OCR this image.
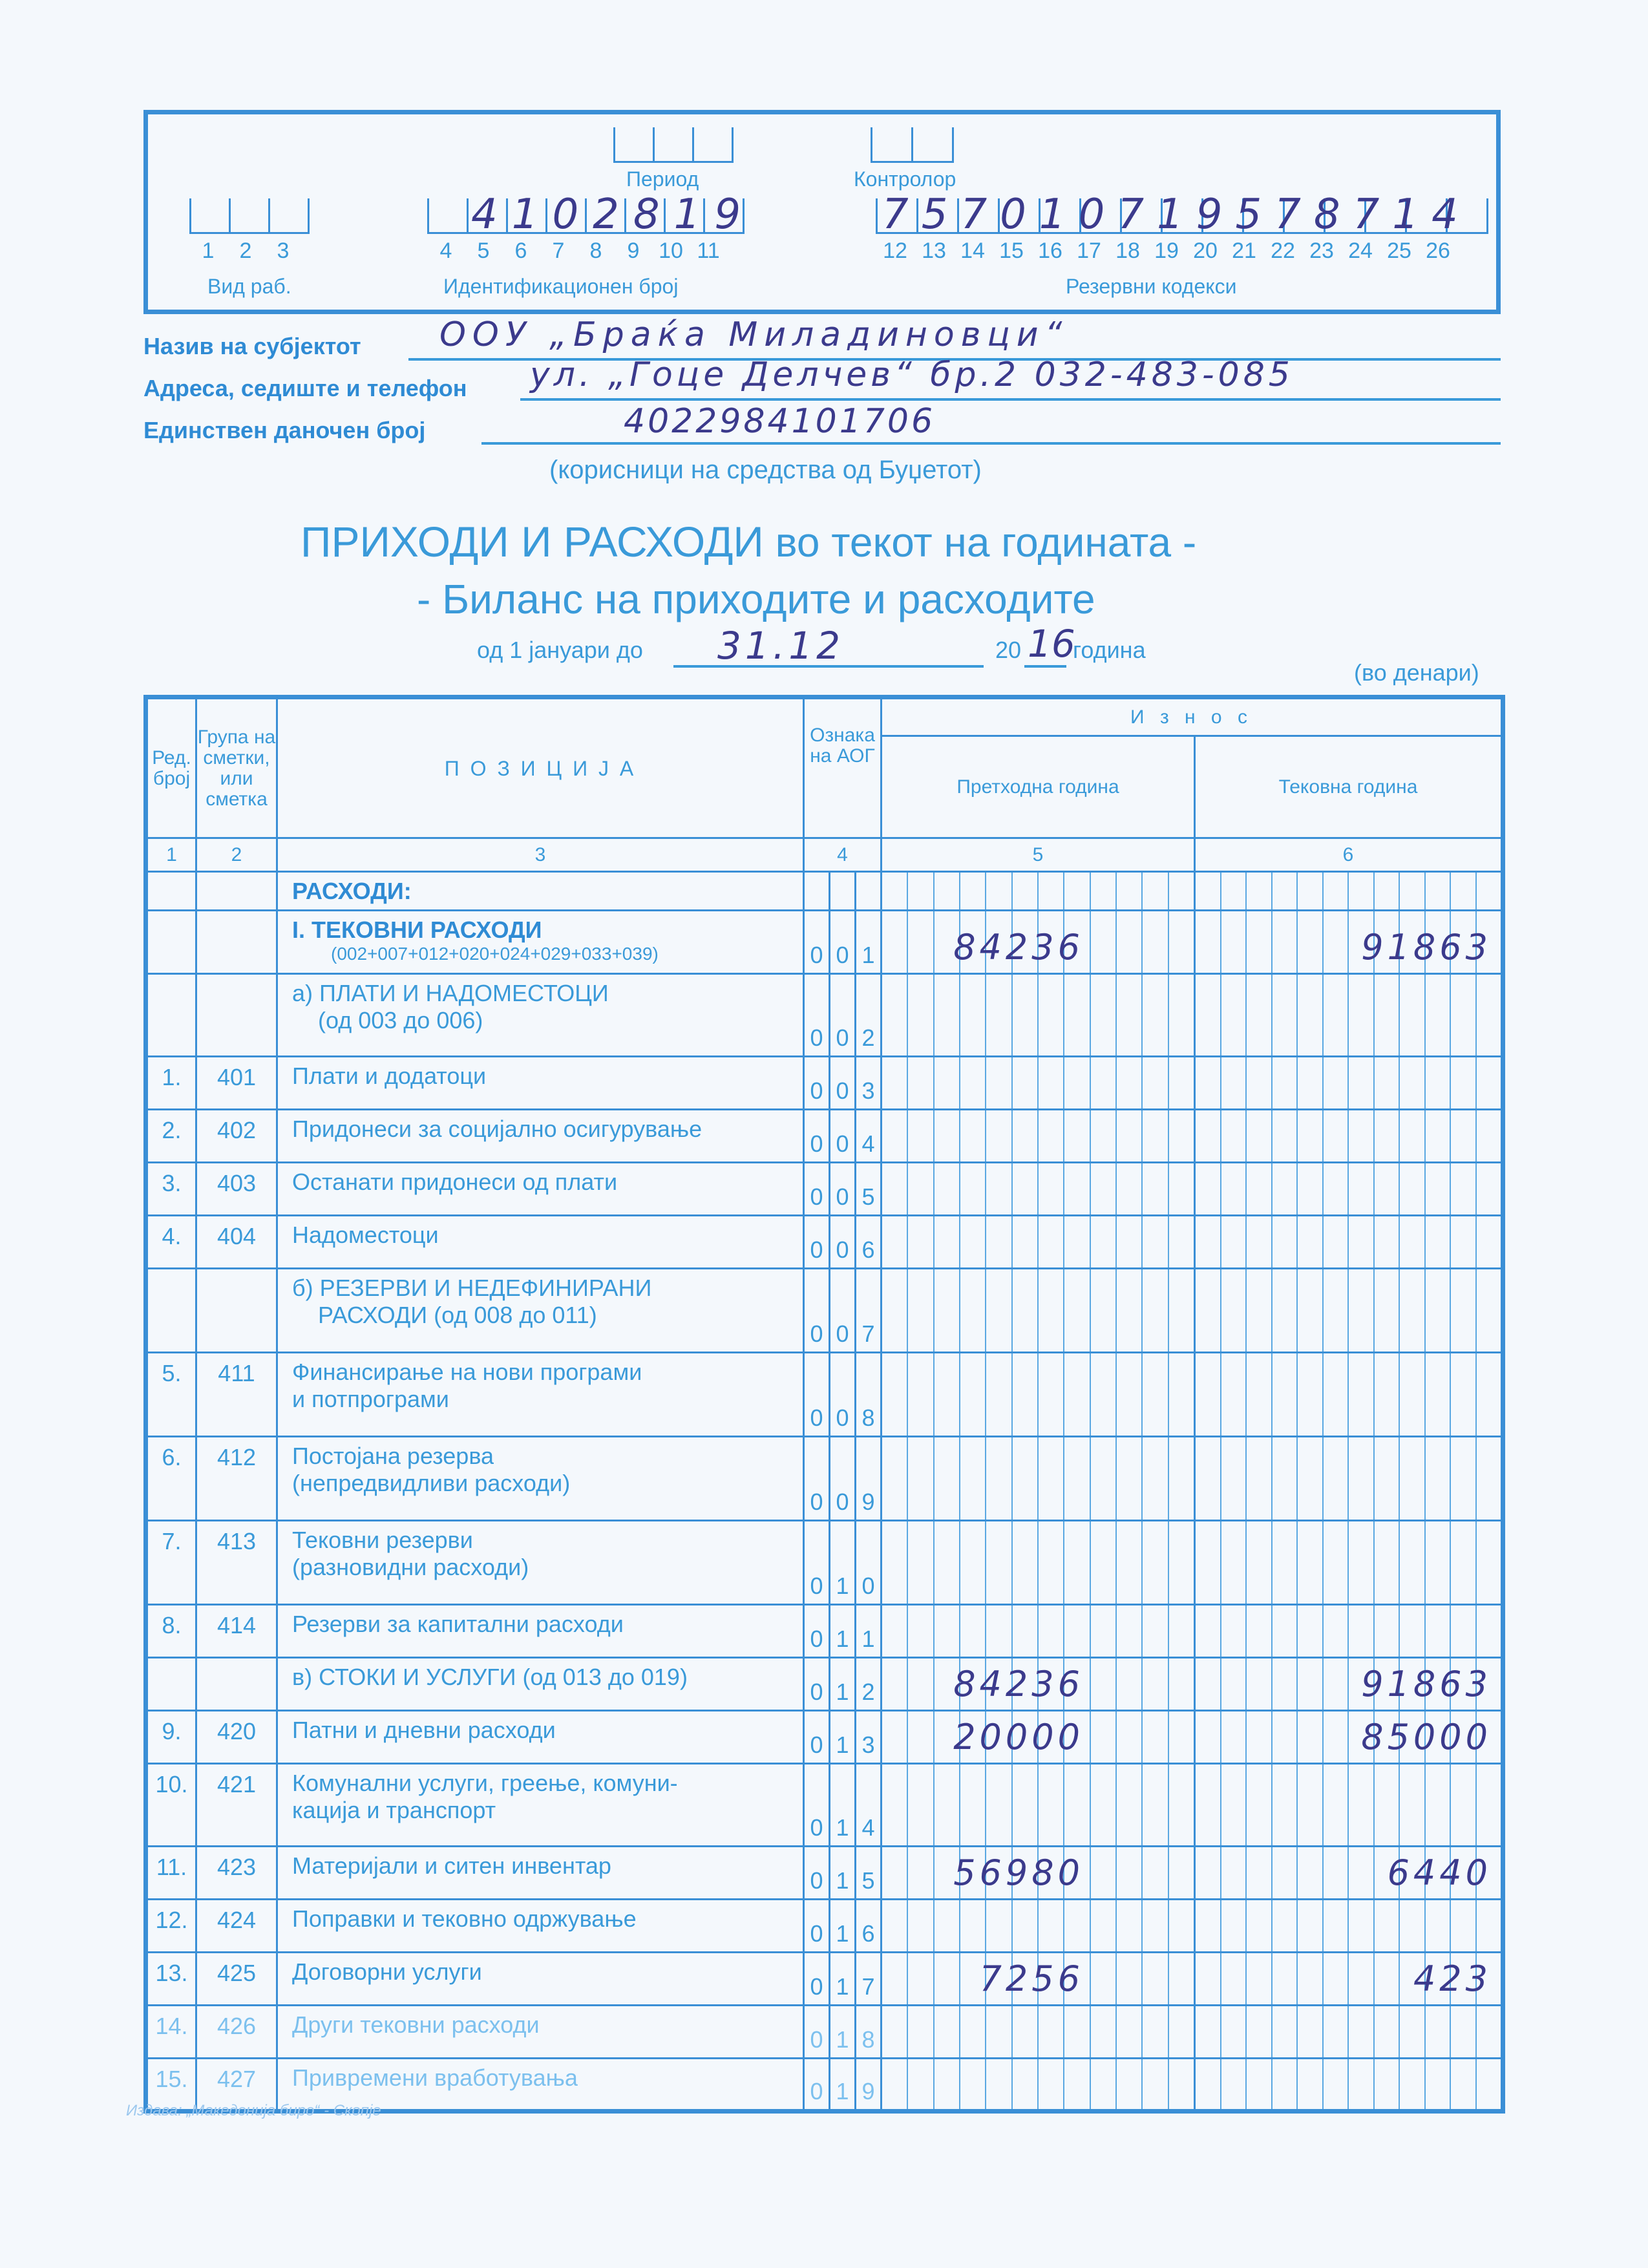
Период	Контролор
1	2	3
Вид раб.
4102819
4	5	6	7	8	9 10 11
Идентификационен број
757010719578714
12 13 14 15 16 17 18 19 20 21 22 23 24 25 26
Резервни кодекси
Назив на субјектот ООУ „Браќа Миладиновци“
Адреса, седиште и телефон ул. „Гоце Делчев“ бр.2 032-483-085
Единствен даночен број	4022984101706
(корисници на средства од Буџетот)
ПРИХОДИ И РАСХОДИ во текот на годината -
- Биланс на приходите и расходите
од 1 јануари до 31.12	20 16
година
(во денари)
Ред. број	Група на сметки, или сметка	П О З И Ц И Ј А	Ознака на АОГ			И з н о с	
						Претходна година	Тековна година
1	2	3	4			5	6
		РАСХОДИ:				

		I. ТЕКОВНИ РАСХОДИ
(002+007+012+020+024+029+033+039)	0	0	1	84236	91863

		а) ПЛАТИ И НАДОМЕСТОЦИ
(од 003 до 006)	0	0	2	

1.	401	Плати и додатоци	0	0	3	

2.	402	Придонеси за социјално осигурување	0	0	4	

3.	403	Останати придонеси од плати	0	0	5	

4.	404	Надоместоци	0	0	6	

		б) РЕЗЕРВИ И НЕДЕФИНИРАНИ
РАСХОДИ (од 008 до 011)	0	0	7	

5.	411	Финансирање на нови програми
и потпрограми	0	0	8	

6.	412	Постојана резерва
(непредвидливи расходи)	0	0	9	

7.	413	Тековни резерви
(разновидни расходи)	0	1	0	

8.	414	Резерви за капитални расходи	0	1	1	

		в) СТОКИ И УСЛУГИ (од 013 до 019)	0	1	2	84236	91863

9.	420	Патни и дневни расходи	0	1	3	20000	85000

10.	421	Комунални услуги, греење, комуни-
кација и транспорт	0	1	4	

11.	423	Материјали и ситен инвентар	0	1	5	56980	6440

12.	424	Поправки и тековно одржување	0	1	6	

13.	425	Договорни услуги	0	1	7	7256	423

14.	426	Други тековни расходи	0	1	8	

15.	427	Привремени вработувања	0	1	9	

Издава: „Македонија биро“ - Скопје
